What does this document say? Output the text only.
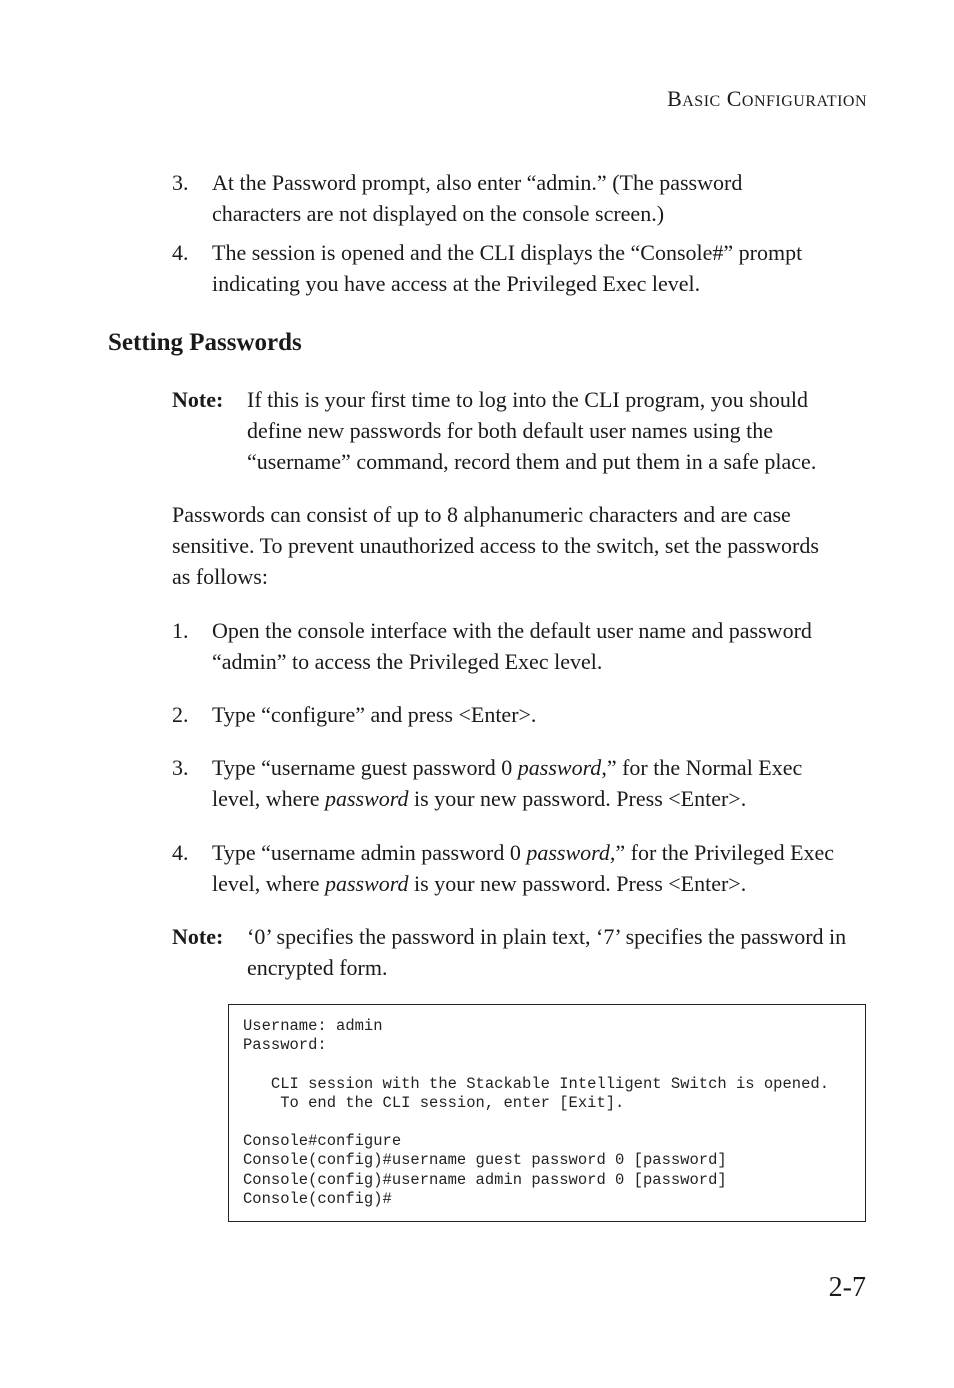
BASIC CONFIGURATION
3.	At the Password prompt, also enter “admin.” (The password
characters are not displayed on the console screen.)
4.	The session is opened and the CLI displays the “Console#” prompt
indicating you have access at the Privileged Exec level.
Setting Passwords
Note: If this is your first time to log into the CLI program, you should
define new passwords for both default user names using the
“username” command, record them and put them in a safe place.
Passwords can consist of up to 8 alphanumeric characters and are case
sensitive. To prevent unauthorized access to the switch, set the passwords
as follows:
1.	Open the console interface with the default user name and password
“admin” to access the Privileged Exec level.
2.	Type “configure” and press <Enter>.
3.	Type “username guest password 0 password,” for the Normal Exec
level, where password is your new password. Press <Enter>.
4.	Type “username admin password 0 password,” for the Privileged Exec
level, where password is your new password. Press <Enter>.
Note: ‘0’ specifies the password in plain text, ‘7’ specifies the password in
encrypted form.
Username: admin
Password:

CLI session with the Stackable Intelligent Switch is opened.
To end the CLI session, enter [Exit].

Console#configure
Console(config)#username guest password 0 [password]
Console(config)#username admin password 0 [password]
Console(config)#
2-7
